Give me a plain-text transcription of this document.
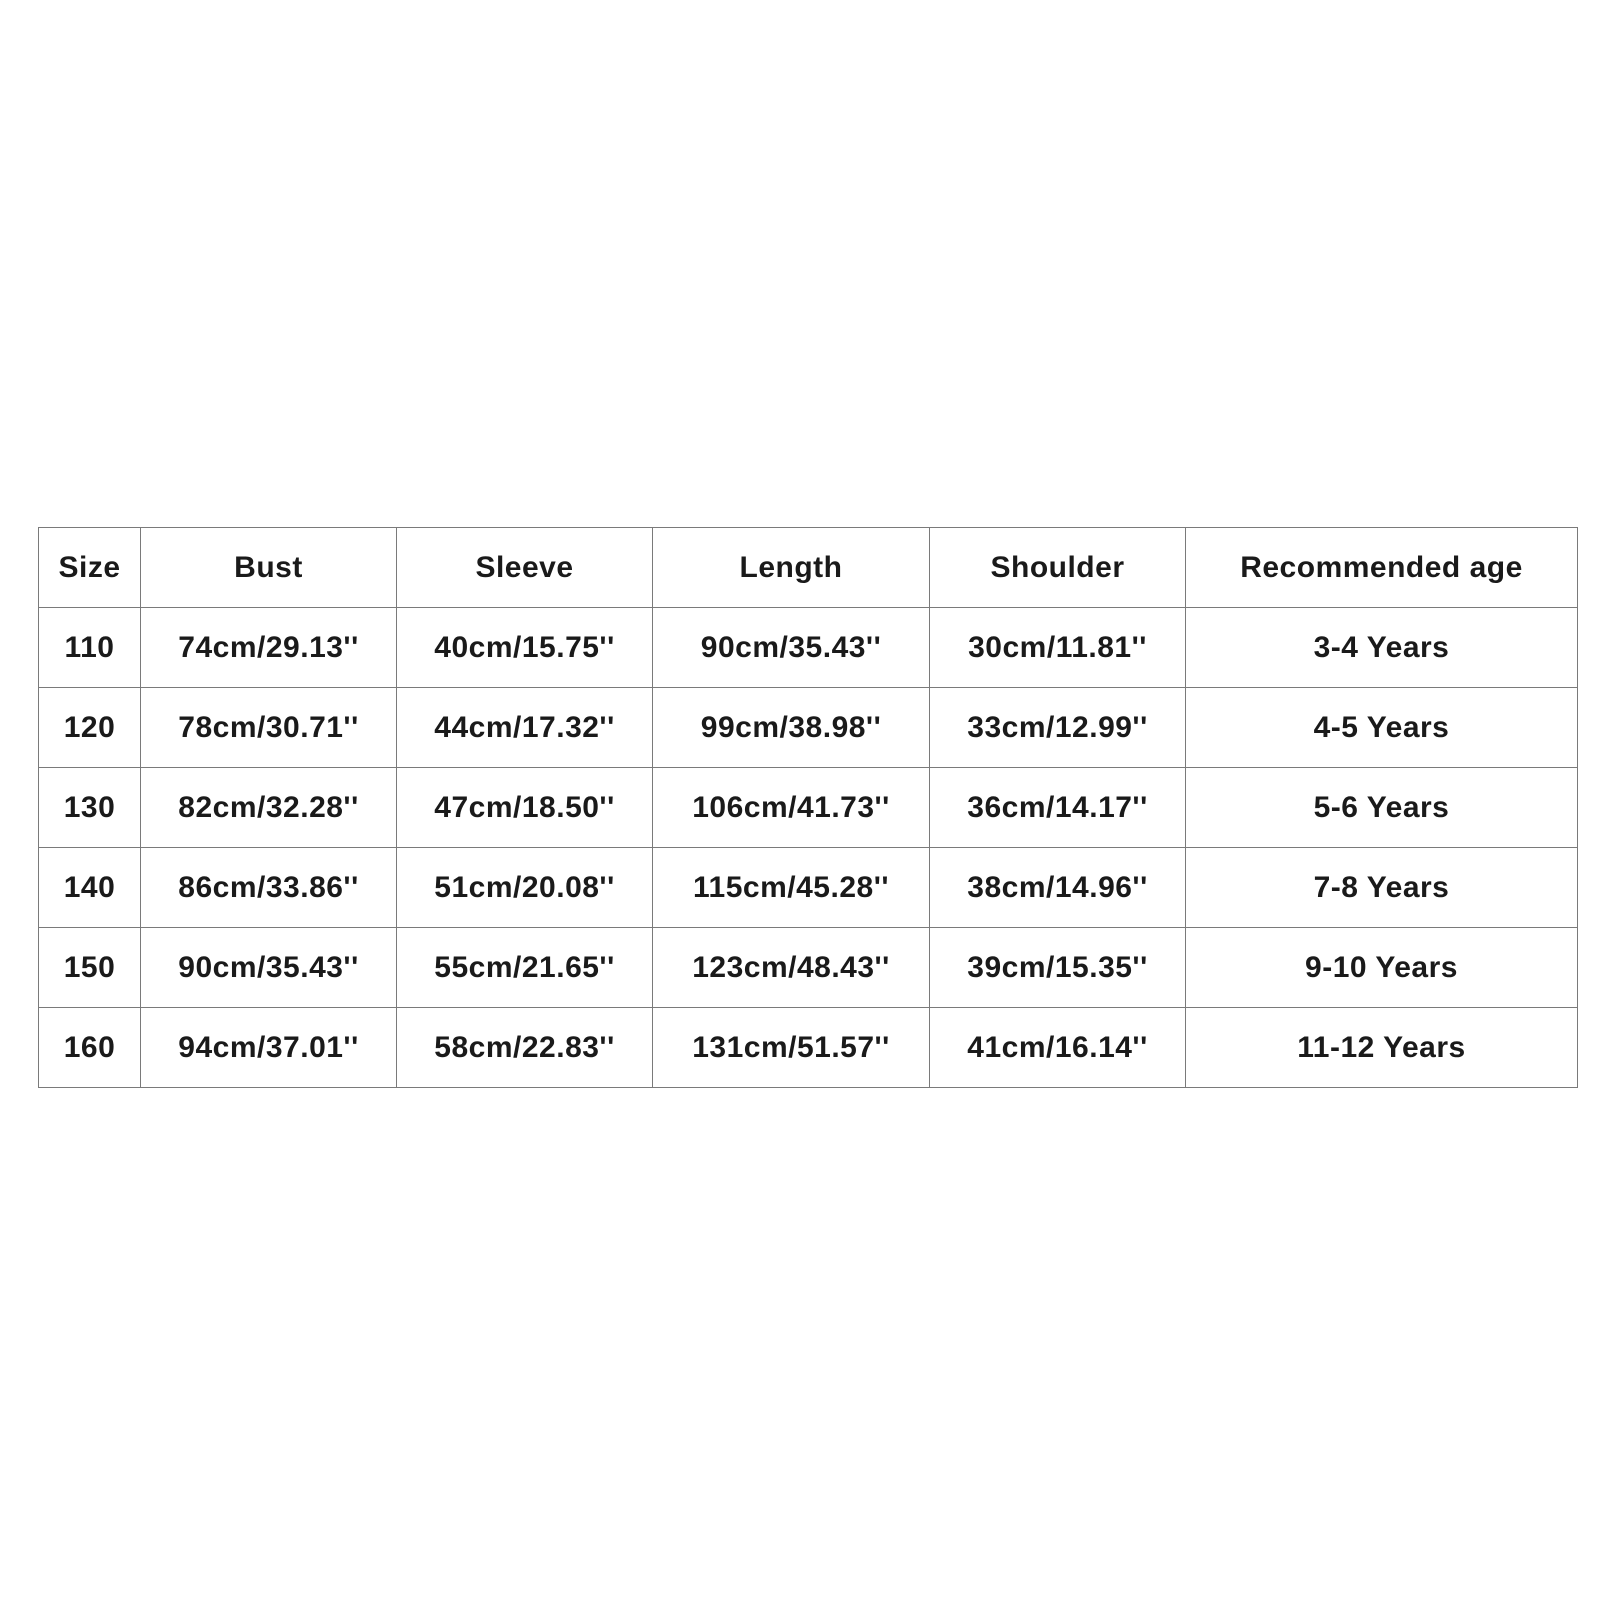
Size	Bust	Sleeve	Length	Shoulder	Recommended age
110	74cm/29.13''	40cm/15.75''	90cm/35.43''	30cm/11.81''	3-4 Years
120	78cm/30.71''	44cm/17.32''	99cm/38.98''	33cm/12.99''	4-5 Years
130	82cm/32.28''	47cm/18.50''	106cm/41.73''	36cm/14.17''	5-6 Years
140	86cm/33.86''	51cm/20.08''	115cm/45.28''	38cm/14.96''	7-8 Years
150	90cm/35.43''	55cm/21.65''	123cm/48.43''	39cm/15.35''	9-10 Years
160	94cm/37.01''	58cm/22.83''	131cm/51.57''	41cm/16.14''	11-12 Years
